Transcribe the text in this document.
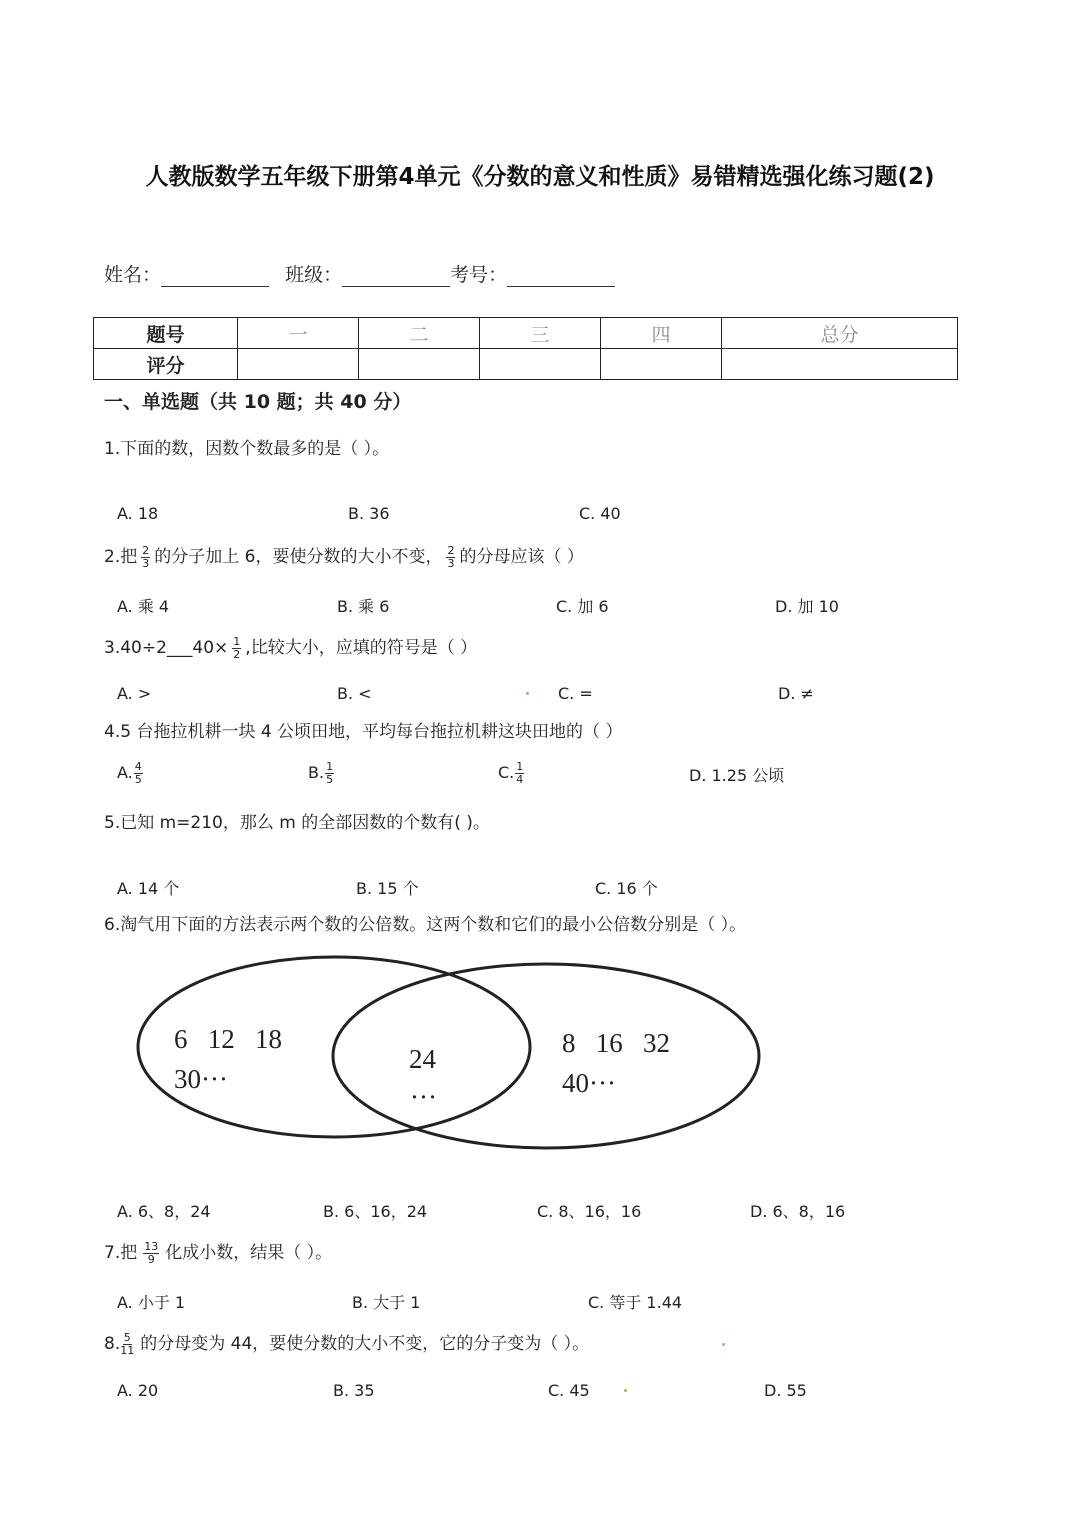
人教版数学五年级下册第4单元《分数的意义和性质》易错精选强化练习题(2)
姓名：	班级：	考号：
题号	一	二	三	四	总分
评分					
一、单选题（共 10 题；共 40 分）
1.下面的数，因数个数最多的是（ ）。
A. 18	B. 36	C. 40
2.把 $\frac{2}{3}$ 的分子加上 6，要使分数的大小不变， $\frac{2}{3}$ 的分母应该（ ）
A. 乘 4	B. 乘 6	C. 加 6	D. 加 10
3.40÷2___40× $\frac{1}{2}$ ,比较大小，应填的符号是（ ）
A. >	B. <	C. =	D. ≠
4.5 台拖拉机耕一块 4 公顷田地，平均每台拖拉机耕这块田地的（ ）
A. $\frac{4}{5}$	B. $\frac{1}{5}$	C. $\frac{1}{4}$	D. 1.25 公顷
5.已知 m=210，那么 m 的全部因数的个数有( )。
A. 14 个	B. 15 个	C. 16 个
6.淘气用下面的方法表示两个数的公倍数。这两个数和它们的最小公倍数分别是（ ）。
6   12   18
30···
24
···
8   16   32
40···
A. 6、8，24	B. 6、16，24	C. 8、16，16	D. 6、8，16
7.把 $\frac{13}{9}$ 化成小数，结果（ ）。
A. 小于 1	B. 大于 1	C. 等于 1.44
8. $\frac{5}{11}$ 的分母变为 44，要使分数的大小不变，它的分子变为（ ）。
A. 20	B. 35	C. 45	D. 55
